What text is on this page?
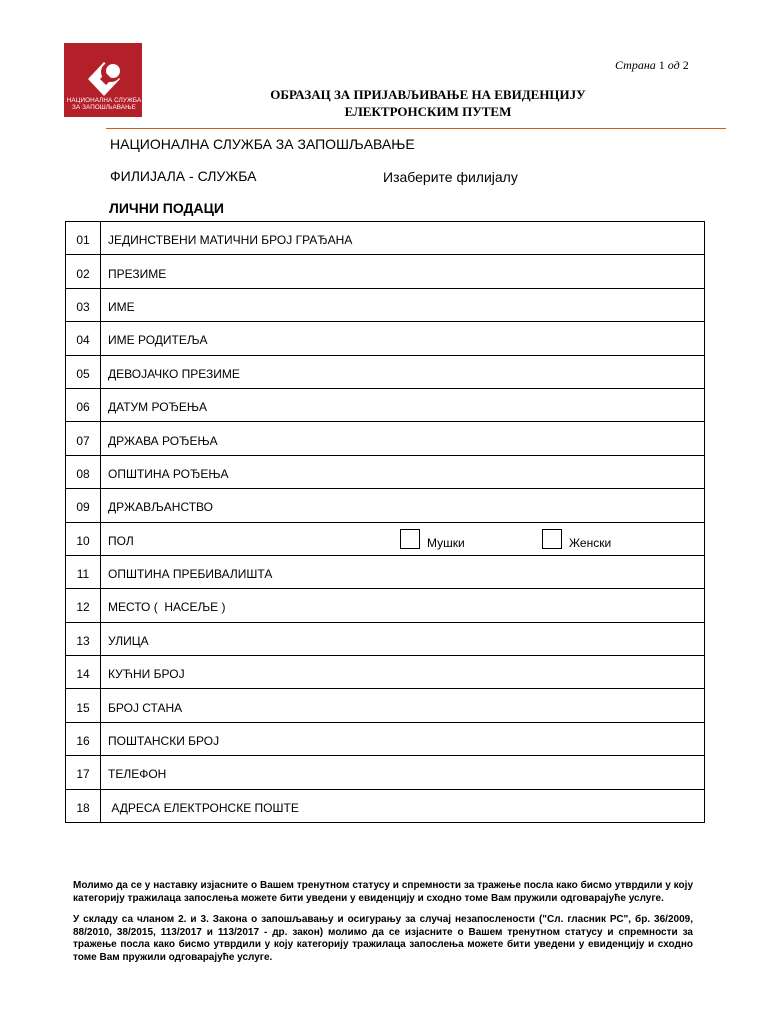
НАЦИОНАЛНА СЛУЖБА ЗА ЗАПОШЉАВАЊЕ
Страна 1 од 2
ОБРАЗАЦ ЗА ПРИЈАВЉИВАЊЕ НА ЕВИДЕНЦИЈУ
ЕЛЕКТРОНСКИМ ПУТЕМ
НАЦИОНАЛНА СЛУЖБА ЗА ЗАПОШЉАВАЊЕ
ФИЛИЈАЛА - СЛУЖБА	Изаберите филијалу
ЛИЧНИ ПОДАЦИ
01	ЈЕДИНСТВЕНИ МАТИЧНИ БРОЈ ГРАЂАНА
02	ПРЕЗИМЕ
03	ИМЕ
04	ИМЕ РОДИТЕЉА
05	ДЕВОЈАЧКО ПРЕЗИМЕ
06	ДАТУМ РОЂЕЊА
07	ДРЖАВА РОЂЕЊА
08	ОПШТИНА РОЂЕЊА
09	ДРЖАВЉАНСТВО
10	ПОЛ Мушки Женски

11	ОПШТИНА ПРЕБИВАЛИШТА
12	МЕСТО (  НАСЕЉЕ )
13	УЛИЦА
14	КУЋНИ БРОЈ
15	БРОЈ СТАНА
16	ПОШТАНСКИ БРОЈ
17	ТЕЛЕФОН
18	АДРЕСА ЕЛЕКТРОНСКЕ ПОШТЕ

Молимо да се у наставку изјасните о Вашем тренутном статусу и спремности за тражење посла како бисмо утврдили у коју категорију тражилаца запослења можете бити уведени у евиденцију и сходно томе Вам пружили одговарајуће услуге.

У складу са чланом 2. и 3. Закона о запошљавању и осигурању за случај незапослености ("Сл. гласник РС", бр. 36/2009, 88/2010, 38/2015, 113/2017 и 113/2017 - др. закон) молимо да се изјасните о Вашем тренутном статусу и спремности за тражење посла како бисмо утврдили у коју категорију тражилаца запослења можете бити уведени у евиденцију и сходно томе Вам пружили одговарајуће услуге.
